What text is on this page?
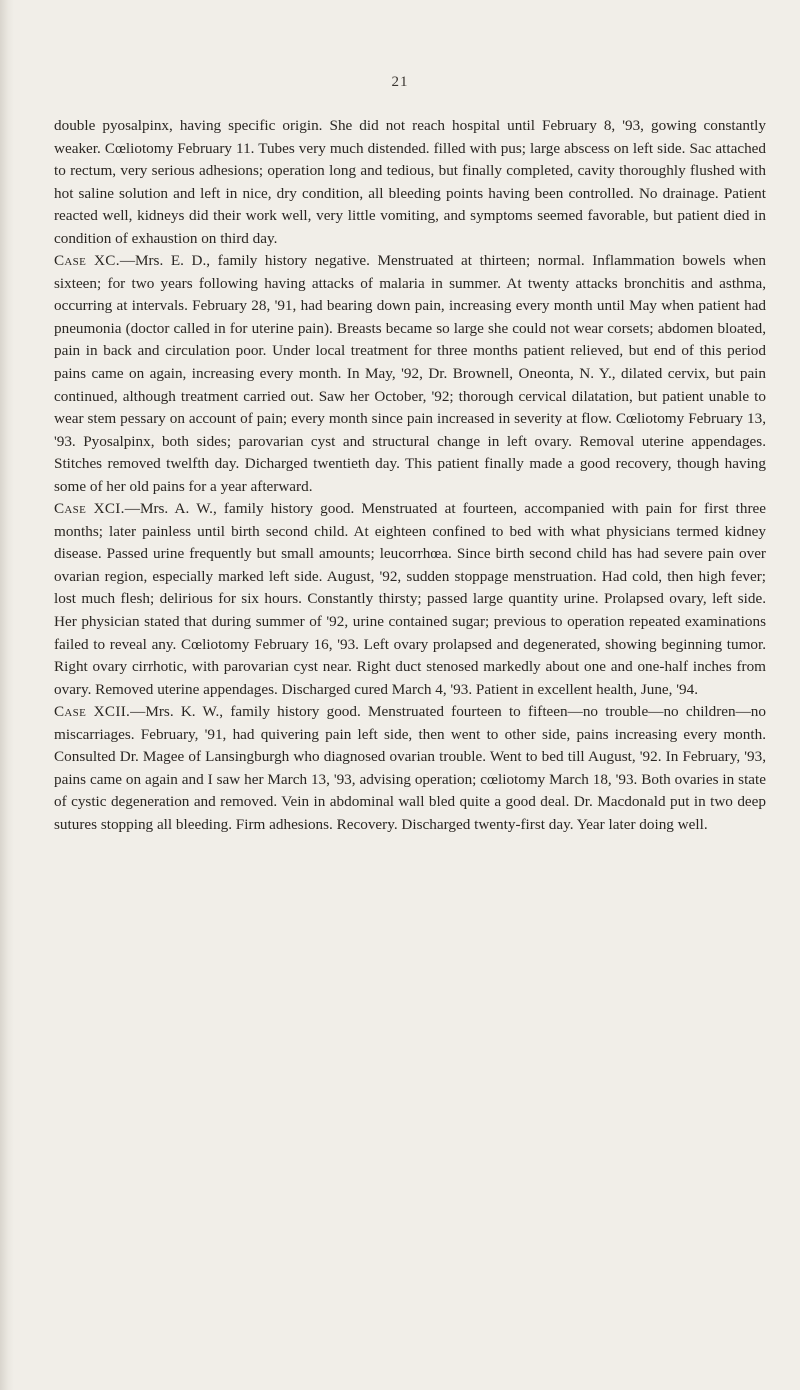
21

double pyosalpinx, having specific origin. She did not reach hospital until February 8, '93, gowing constantly weaker. Cœliotomy February 11. Tubes very much distended. filled with pus; large abscess on left side. Sac attached to rectum, very serious adhesions; operation long and tedious, but finally completed, cavity thoroughly flushed with hot saline solution and left in nice, dry condition, all bleeding points having been controlled. No drainage. Patient reacted well, kidneys did their work well, very little vomiting, and symptoms seemed favorable, but patient died in condition of exhaustion on third day.

Case XC.—Mrs. E. D., family history negative. Menstruated at thirteen; normal. Inflammation bowels when sixteen; for two years following having attacks of malaria in summer. At twenty attacks bronchitis and asthma, occurring at intervals. February 28, '91, had bearing down pain, increasing every month until May when patient had pneumonia (doctor called in for uterine pain). Breasts became so large she could not wear corsets; abdomen bloated, pain in back and circulation poor. Under local treatment for three months patient relieved, but end of this period pains came on again, increasing every month. In May, '92, Dr. Brownell, Oneonta, N. Y., dilated cervix, but pain continued, although treatment carried out. Saw her October, '92; thorough cervical dilatation, but patient unable to wear stem pessary on account of pain; every month since pain increased in severity at flow. Cœliotomy February 13, '93. Pyosalpinx, both sides; parovarian cyst and structural change in left ovary. Removal uterine appendages. Stitches removed twelfth day. Dicharged twentieth day. This patient finally made a good recovery, though having some of her old pains for a year afterward.

Case XCI.—Mrs. A. W., family history good. Menstruated at fourteen, accompanied with pain for first three months; later painless until birth second child. At eighteen confined to bed with what physicians termed kidney disease. Passed urine frequently but small amounts; leucorrhœa. Since birth second child has had severe pain over ovarian region, especially marked left side. August, '92, sudden stoppage menstruation. Had cold, then high fever; lost much flesh; delirious for six hours. Constantly thirsty; passed large quantity urine. Prolapsed ovary, left side. Her physician stated that during summer of '92, urine contained sugar; previous to operation repeated examinations failed to reveal any. Cœliotomy February 16, '93. Left ovary prolapsed and degenerated, showing beginning tumor. Right ovary cirrhotic, with parovarian cyst near. Right duct stenosed markedly about one and one-half inches from ovary. Removed uterine appendages. Discharged cured March 4, '93. Patient in excellent health, June, '94.

Case XCII.—Mrs. K. W., family history good. Menstruated fourteen to fifteen—no trouble—no children—no miscarriages. February, '91, had quivering pain left side, then went to other side, pains increasing every month. Consulted Dr. Magee of Lansingburgh who diagnosed ovarian trouble. Went to bed till August, '92. In February, '93, pains came on again and I saw her March 13, '93, advising operation; cœliotomy March 18, '93. Both ovaries in state of cystic degeneration and removed. Vein in abdominal wall bled quite a good deal. Dr. Macdonald put in two deep sutures stopping all bleeding. Firm adhesions. Recovery. Discharged twenty-first day. Year later doing well.
